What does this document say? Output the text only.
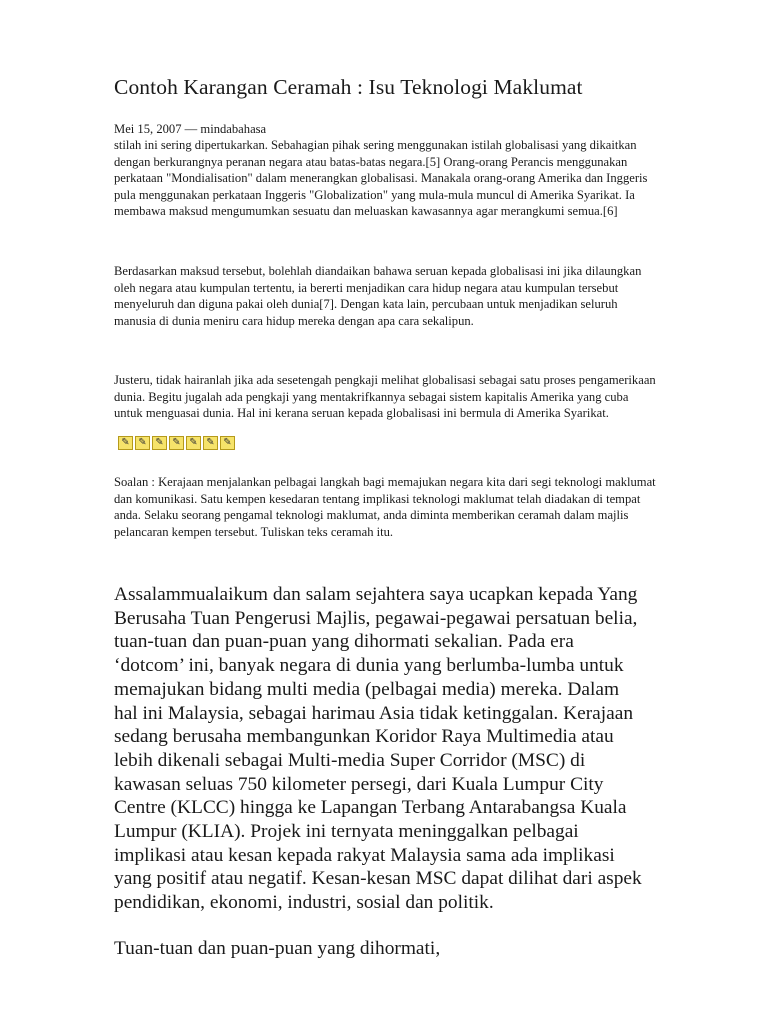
Contoh Karangan Ceramah : Isu Teknologi Maklumat

Mei 15, 2007 — mindabahasa

stilah ini sering dipertukarkan. Sebahagian pihak sering menggunakan istilah globalisasi yang dikaitkan dengan berkurangnya peranan negara atau batas-batas negara.[5] Orang-orang Perancis menggunakan perkataan "Mondialisation" dalam menerangkan globalisasi. Manakala orang-orang Amerika dan Inggeris pula menggunakan perkataan Inggeris "Globalization" yang mula-mula muncul di Amerika Syarikat. Ia membawa maksud mengumumkan sesuatu dan meluaskan kawasannya agar merangkumi semua.[6]

Berdasarkan maksud tersebut, bolehlah diandaikan bahawa seruan kepada globalisasi ini jika dilaungkan oleh negara atau kumpulan tertentu, ia bererti menjadikan cara hidup negara atau kumpulan tersebut menyeluruh dan diguna pakai oleh dunia[7]. Dengan kata lain, percubaan untuk menjadikan seluruh manusia di dunia meniru cara hidup mereka dengan apa cara sekalipun.

Justeru, tidak hairanlah jika ada sesetengah pengkaji melihat globalisasi sebagai satu proses pengamerikaan dunia. Begitu jugalah ada pengkaji yang mentakrifkannya sebagai sistem kapitalis Amerika yang cuba untuk menguasai dunia. Hal ini kerana seruan kepada globalisasi ini bermula di Amerika Syarikat.

✎ ✎ ✎ ✎ ✎ ✎ ✎

Soalan : Kerajaan menjalankan pelbagai langkah bagi memajukan negara kita dari segi teknologi maklumat dan komunikasi. Satu kempen kesedaran tentang implikasi teknologi maklumat telah diadakan di tempat anda. Selaku seorang pengamal teknologi maklumat, anda diminta memberikan ceramah dalam majlis pelancaran kempen tersebut. Tuliskan teks ceramah itu.

Assalammualaikum dan salam sejahtera saya ucapkan kepada Yang Berusaha Tuan Pengerusi Majlis, pegawai-pegawai persatuan belia, tuan-tuan dan puan-puan yang dihormati sekalian. Pada era ‘dotcom’ ini, banyak negara di dunia yang berlumba-lumba untuk memajukan bidang multi media (pelbagai media) mereka. Dalam hal ini Malaysia, sebagai harimau Asia tidak ketinggalan. Kerajaan sedang berusaha membangunkan Koridor Raya Multimedia atau lebih dikenali sebagai Multi-media Super Corridor (MSC) di kawasan seluas 750 kilometer persegi, dari Kuala Lumpur City Centre (KLCC) hingga ke Lapangan Terbang Antarabangsa Kuala Lumpur (KLIA). Projek ini ternyata meninggalkan pelbagai implikasi atau kesan kepada rakyat Malaysia sama ada implikasi yang positif atau negatif. Kesan-kesan MSC dapat dilihat dari aspek pendidikan, ekonomi, industri, sosial dan politik.

Tuan-tuan dan puan-puan yang dihormati,
